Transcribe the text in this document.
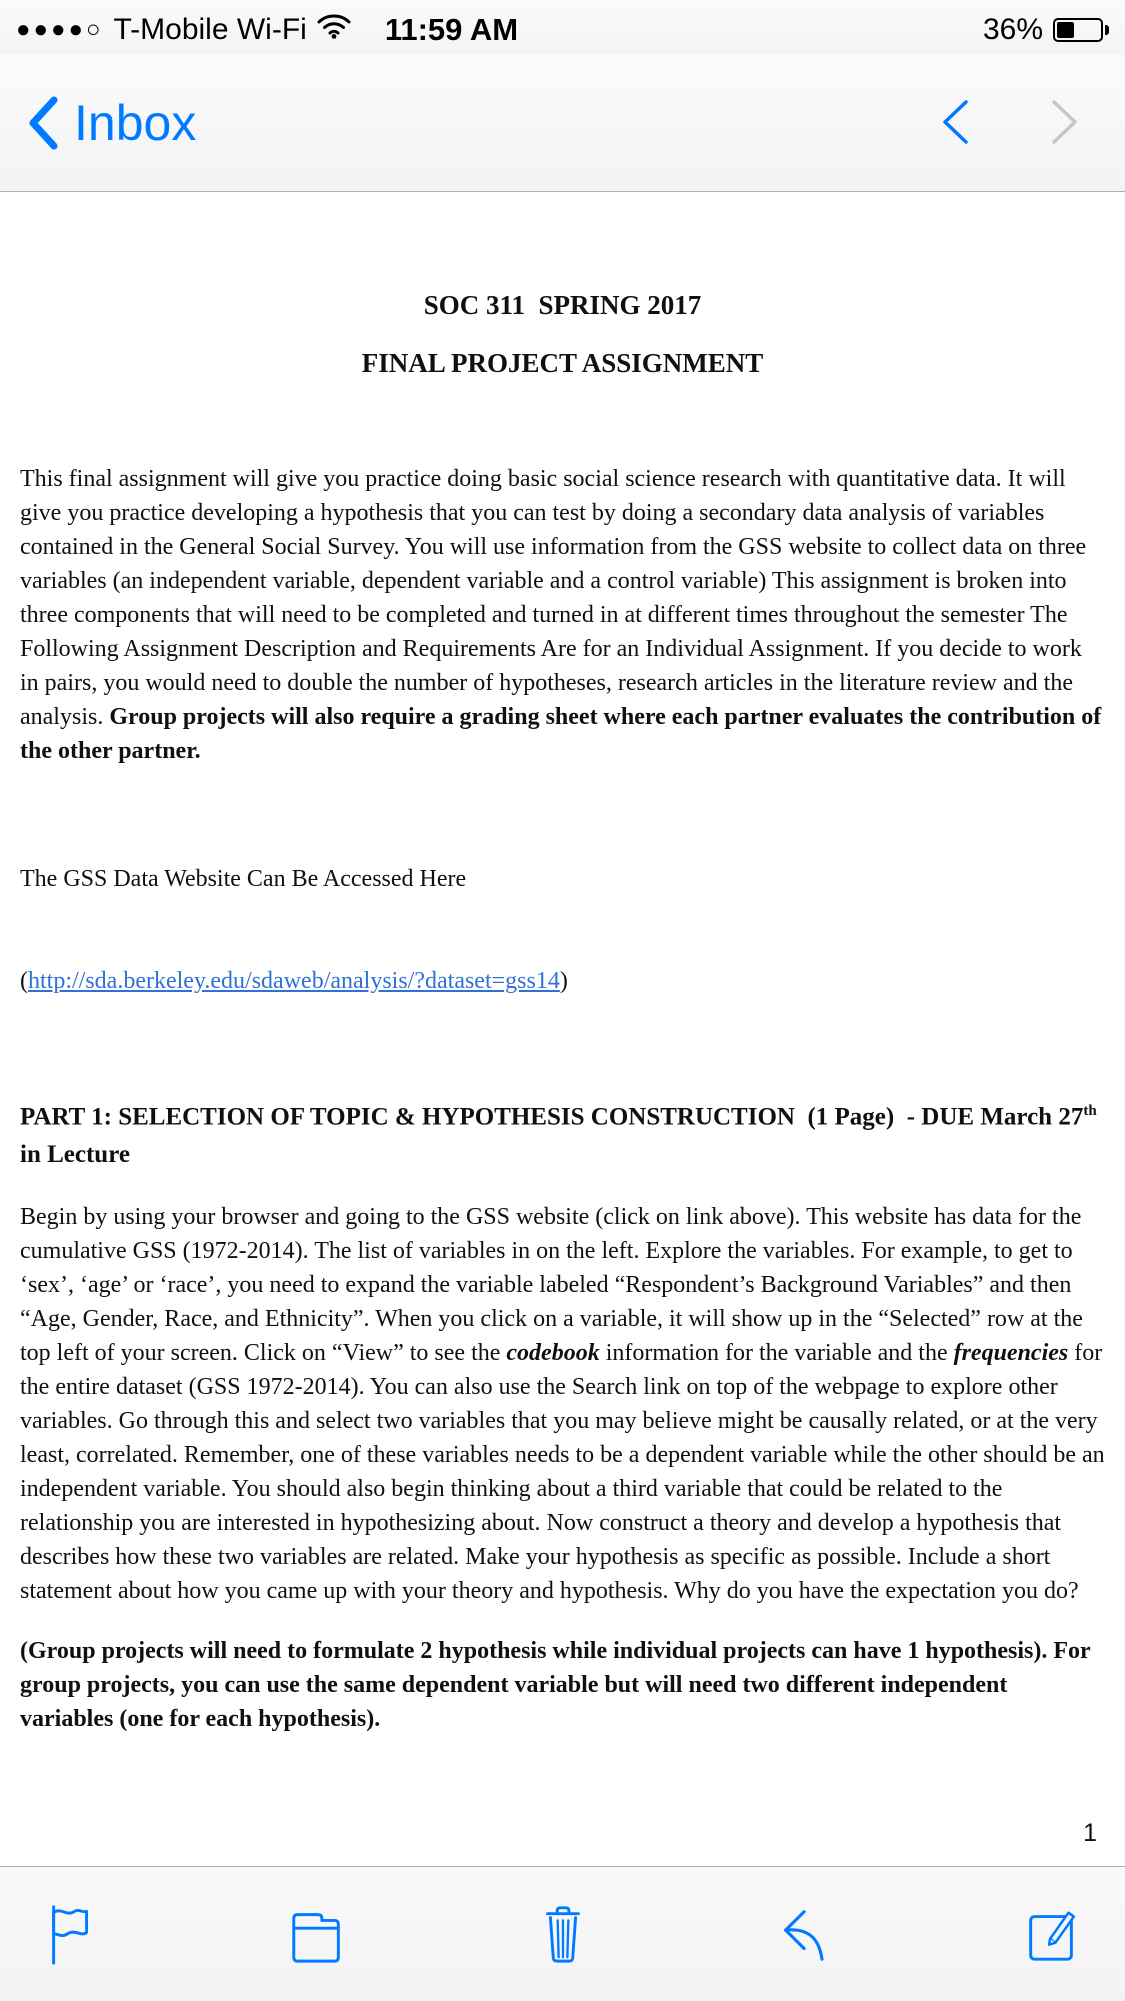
●●●●○ T-Mobile Wi-Fi	11:59 AM	36%
Inbox
SOC 311  SPRING 2017
FINAL PROJECT ASSIGNMENT

This final assignment will give you practice doing basic social science research with quantitative data. It will give you practice developing a hypothesis that you can test by doing a secondary data analysis of variables contained in the General Social Survey. You will use information from the GSS website to collect data on three variables (an independent variable, dependent variable and a control variable) This assignment is broken into three components that will need to be completed and turned in at different times throughout the semester The Following Assignment Description and Requirements Are for an Individual Assignment. If you decide to work in pairs, you would need to double the number of hypotheses, research articles in the literature review and the analysis. Group projects will also require a grading sheet where each partner evaluates the contribution of the other partner.

The GSS Data Website Can Be Accessed Here

(http://sda.berkeley.edu/sdaweb/analysis/?dataset=gss14)

PART 1: SELECTION OF TOPIC & HYPOTHESIS CONSTRUCTION  (1 Page)  - DUE March 27th in Lecture

Begin by using your browser and going to the GSS website (click on link above). This website has data for the cumulative GSS (1972-2014). The list of variables in on the left. Explore the variables. For example, to get to ‘sex’, ‘age’ or ‘race’, you need to expand the variable labeled “Respondent’s Background Variables” and then “Age, Gender, Race, and Ethnicity”. When you click on a variable, it will show up in the “Selected” row at the top left of your screen. Click on “View” to see the codebook information for the variable and the frequencies for the entire dataset (GSS 1972-2014). You can also use the Search link on top of the webpage to explore other variables. Go through this and select two variables that you may believe might be causally related, or at the very least, correlated. Remember, one of these variables needs to be a dependent variable while the other should be an independent variable. You should also begin thinking about a third variable that could be related to the relationship you are interested in hypothesizing about. Now construct a theory and develop a hypothesis that describes how these two variables are related. Make your hypothesis as specific as possible. Include a short statement about how you came up with your theory and hypothesis. Why do you have the expectation you do?

(Group projects will need to formulate 2 hypothesis while individual projects can have 1 hypothesis). For group projects, you can use the same dependent variable but will need two different independent variables (one for each hypothesis).

1
